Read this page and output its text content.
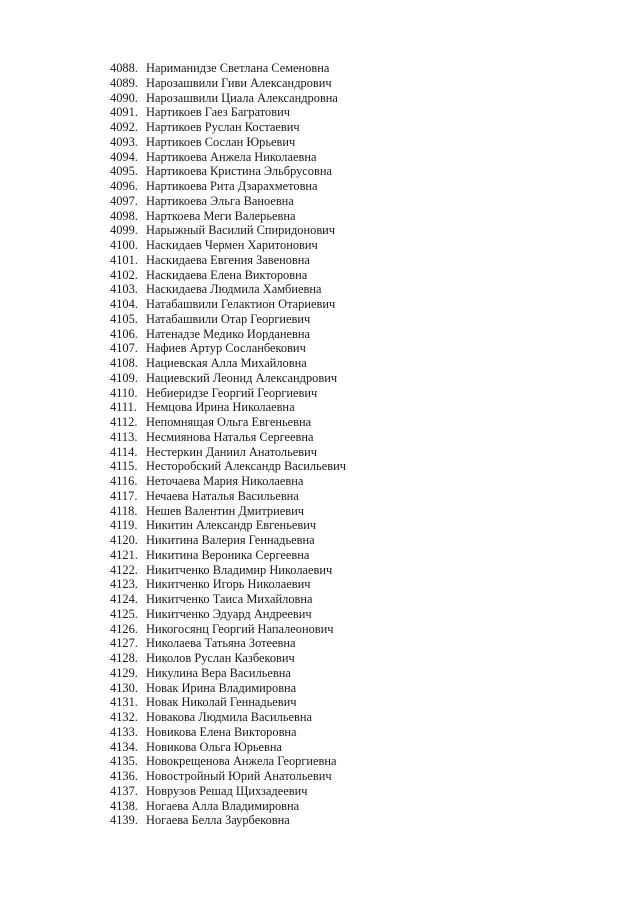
4088. Нариманидзе Светлана Семеновна
4089. Нарозашвили Гиви Александрович
4090. Нарозашвили Циала Александровна
4091. Нартикоев Гаез Багратович
4092. Нартикоев Руслан Костаевич
4093. Нартикоев Сослан Юрьевич
4094. Нартикоева Анжела Николаевна
4095. Нартикоева Кристина Эльбрусовна
4096. Нартикоева Рита Дзарахметовна
4097. Нартикоева Эльга Ваноевна
4098. Нарткоева Меги Валерьевна
4099. Нарыжный Василий Спиридонович
4100. Наскидаев Чермен Харитонович
4101. Наскидаева Евгения Завеновна
4102. Наскидаева Елена Викторовна
4103. Наскидаева Людмила Хамбиевна
4104. Натабашвили Гелактион Отариевич
4105. Натабашвили Отар Георгиевич
4106. Натенадзе Медико Иорданевна
4107. Нафиев Артур Сосланбекович
4108. Нациевская Алла Михайловна
4109. Нациевский Леонид Александрович
4110. Небиеридзе Георгий Георгиевич
4111. Немцова Ирина Николаевна
4112. Непомнящая Ольга Евгеньевна
4113. Несмиянова Наталья Сергеевна
4114. Нестеркин Даниил Анатольевич
4115. Несторобский Александр Васильевич
4116. Неточаева Мария Николаевна
4117. Нечаева Наталья Васильевна
4118. Нешев Валентин Дмитриевич
4119. Никитин Александр Евгеньевич
4120. Никитина Валерия Геннадьевна
4121. Никитина Вероника Сергеевна
4122. Никитченко Владимир Николаевич
4123. Никитченко Игорь Николаевич
4124. Никитченко Таиса Михайловна
4125. Никитченко Эдуард Андреевич
4126. Никогосянц Георгий Напалеонович
4127. Николаева Татьяна Зотеевна
4128. Николов Руслан Казбекович
4129. Никулина Вера Васильевна
4130. Новак Ирина Владимировна
4131. Новак Николай Геннадьевич
4132. Новакова Людмила Васильевна
4133. Новикова Елена Викторовна
4134. Новикова Ольга Юрьевна
4135. Новокрещенова Анжела Георгиевна
4136. Новостройный Юрий Анатольевич
4137. Новрузов Решад Щихзадеевич
4138. Ногаева Алла Владимировна
4139. Ногаева Белла Заурбековна
